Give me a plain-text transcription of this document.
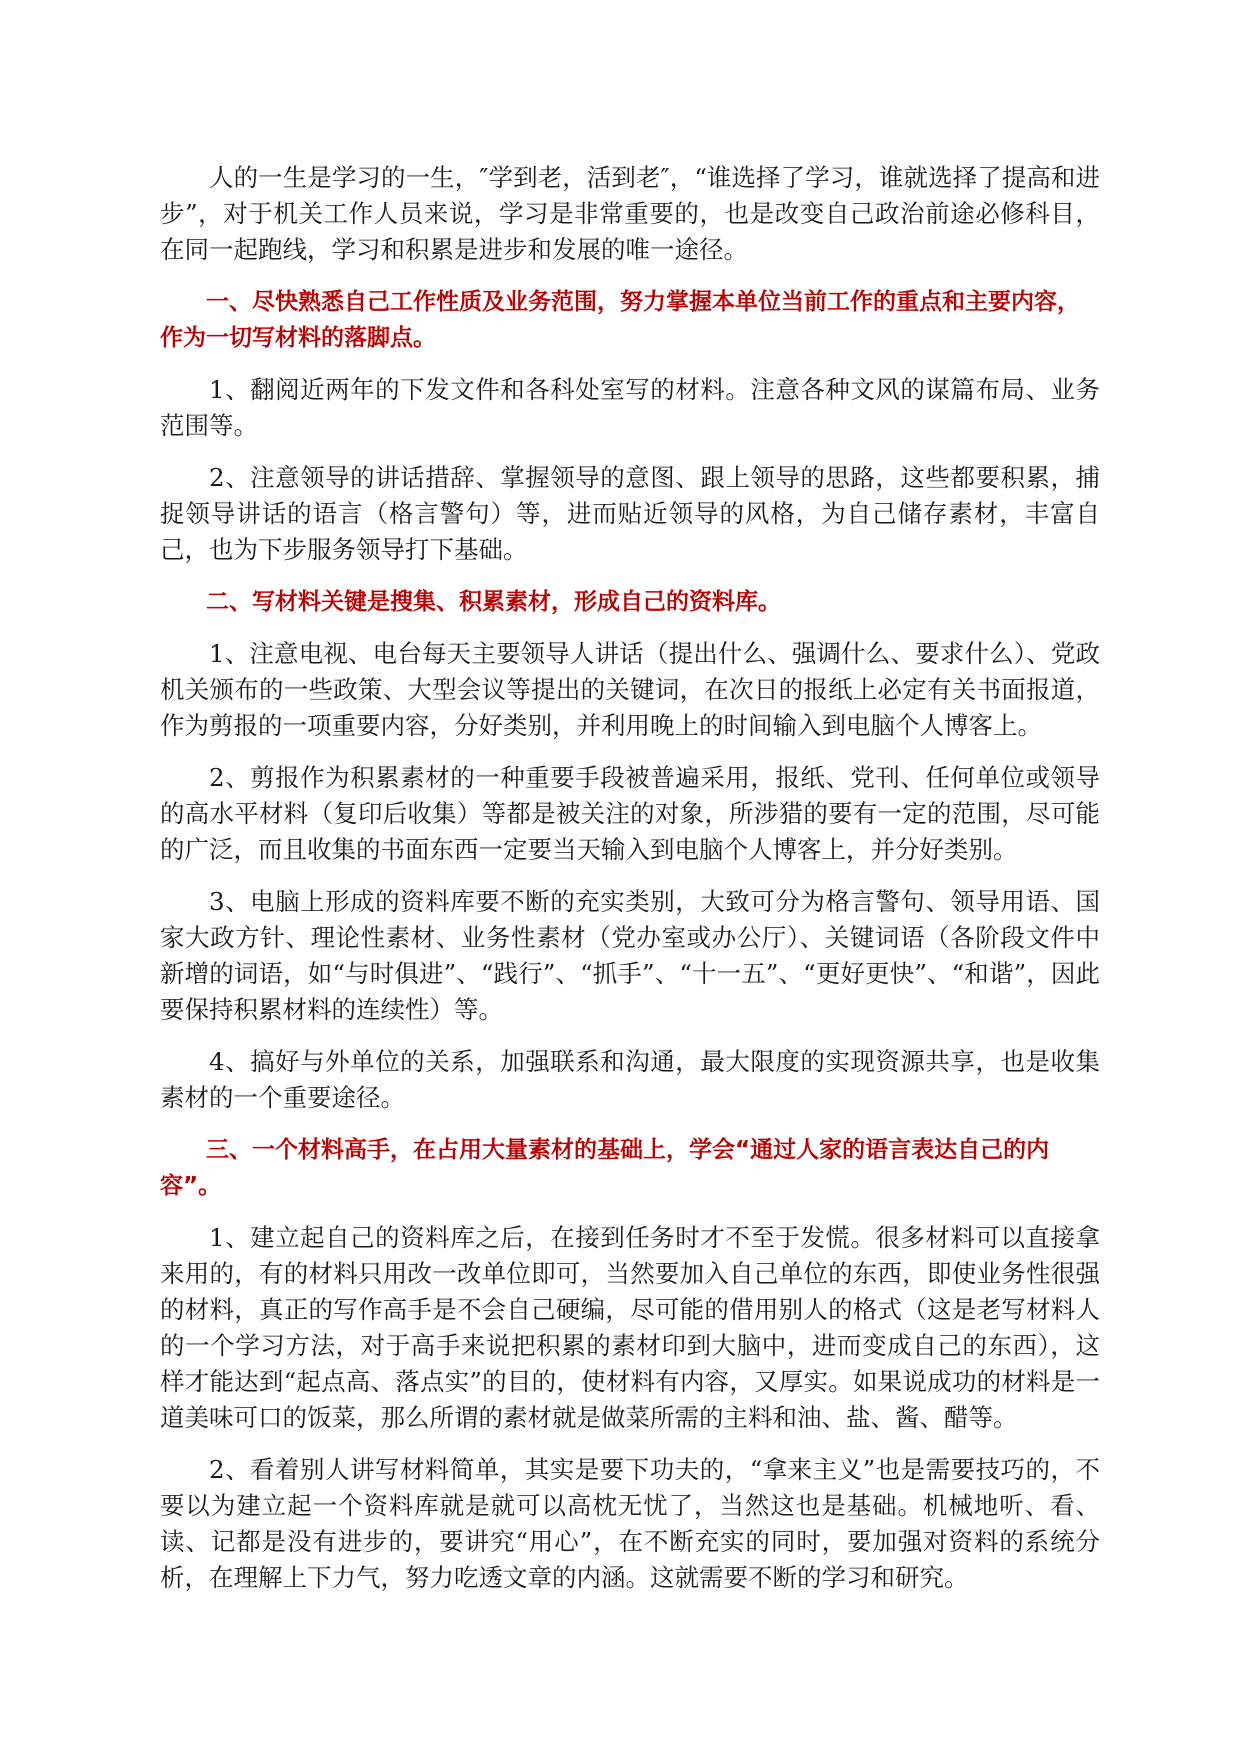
人的一生是学习的一生，″学到老，活到老″，“谁选择了学习，谁就选择了提高和进步”，对于机关工作人员来说，学习是非常重要的，也是改变自己政治前途必修科目，在同一起跑线，学习和积累是进步和发展的唯一途径。

一、尽快熟悉自己工作性质及业务范围，努力掌握本单位当前工作的重点和主要内容，作为一切写材料的落脚点。

1、翻阅近两年的下发文件和各科处室写的材料。注意各种文风的谋篇布局、业务范围等。

2、注意领导的讲话措辞、掌握领导的意图、跟上领导的思路，这些都要积累，捕捉领导讲话的语言（格言警句）等，进而贴近领导的风格，为自己储存素材，丰富自己，也为下步服务领导打下基础。

二、写材料关键是搜集、积累素材，形成自己的资料库。

1、注意电视、电台每天主要领导人讲话（提出什么、强调什么、要求什么）、党政机关颁布的一些政策、大型会议等提出的关键词，在次日的报纸上必定有关书面报道，作为剪报的一项重要内容，分好类别，并利用晚上的时间输入到电脑个人博客上。

2、剪报作为积累素材的一种重要手段被普遍采用，报纸、党刊、任何单位或领导的高水平材料（复印后收集）等都是被关注的对象，所涉猎的要有一定的范围，尽可能的广泛，而且收集的书面东西一定要当天输入到电脑个人博客上，并分好类别。

3、电脑上形成的资料库要不断的充实类别，大致可分为格言警句、领导用语、国家大政方针、理论性素材、业务性素材（党办室或办公厅）、关键词语（各阶段文件中新增的词语，如“与时俱进”、“践行”、“抓手”、“十一五”、“更好更快”、“和谐”，因此要保持积累材料的连续性）等。

4、搞好与外单位的关系，加强联系和沟通，最大限度的实现资源共享，也是收集素材的一个重要途径。

三、一个材料高手，在占用大量素材的基础上，学会“通过人家的语言表达自己的内容”。

1、建立起自己的资料库之后，在接到任务时才不至于发慌。很多材料可以直接拿来用的，有的材料只用改一改单位即可，当然要加入自己单位的东西，即使业务性很强的材料，真正的写作高手是不会自己硬编，尽可能的借用别人的格式（这是老写材料人的一个学习方法，对于高手来说把积累的素材印到大脑中，进而变成自己的东西），这样才能达到“起点高、落点实”的目的，使材料有内容，又厚实。如果说成功的材料是一道美味可口的饭菜，那么所谓的素材就是做菜所需的主料和油、盐、酱、醋等。

2、看着别人讲写材料简单，其实是要下功夫的，“拿来主义”也是需要技巧的，不要以为建立起一个资料库就是就可以高枕无忧了，当然这也是基础。机械地听、看、读、记都是没有进步的，要讲究“用心”，在不断充实的同时，要加强对资料的系统分析，在理解上下力气，努力吃透文章的内涵。这就需要不断的学习和研究。
